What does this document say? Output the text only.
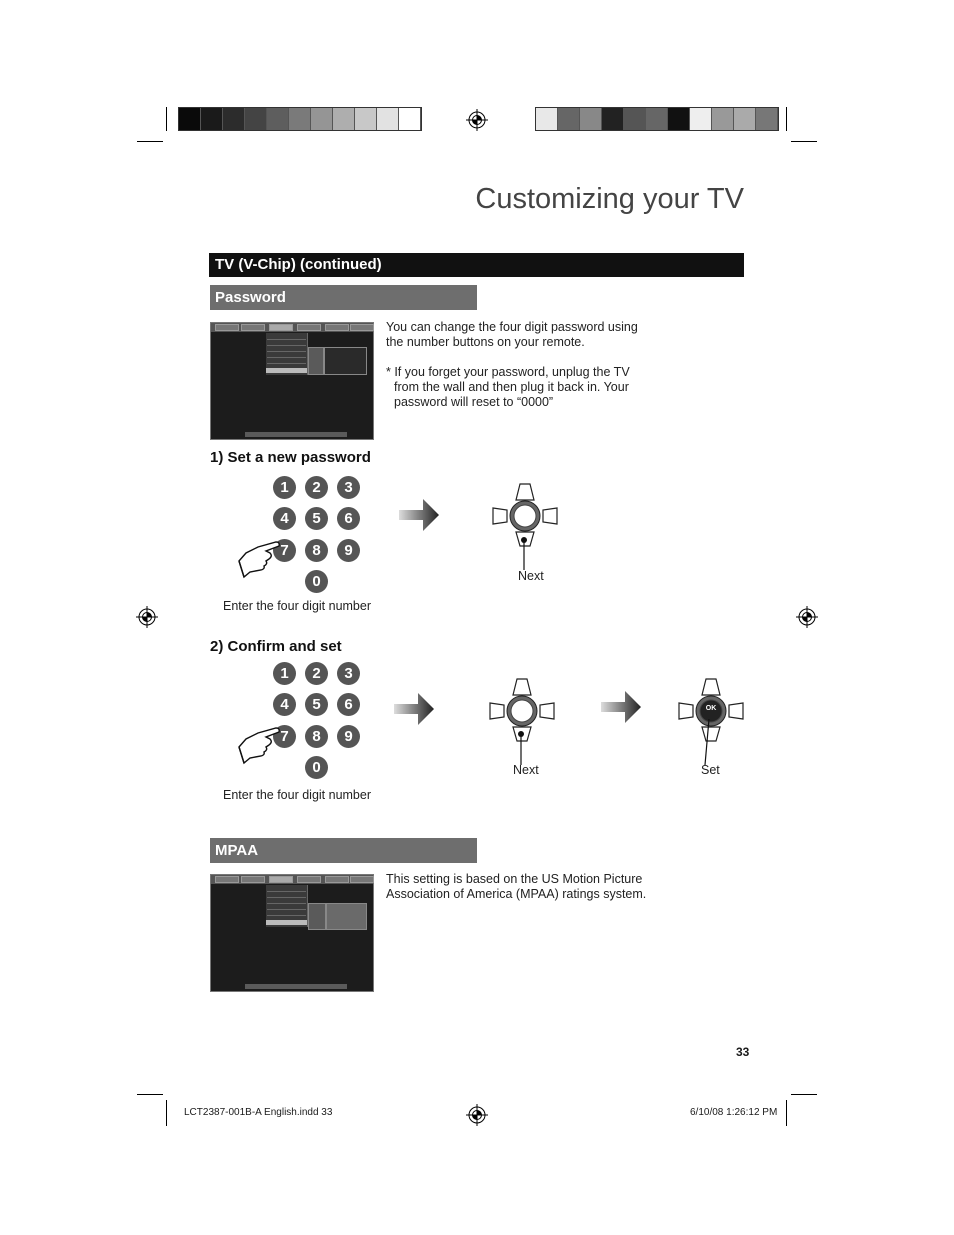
Customizing your TV
TV (V-Chip) (continued)
Password
You can change the four digit password using
the number buttons on your remote.
* If you forget your password, unplug the TV
from the wall and then plug it back in. Your
password will reset to “0000”
1) Set a new password
1	2	3
4	5	6
7	8	9
0
Enter the four digit number
Next
2) Confirm and set
1	2	3
4	5	6
7	8	9
0
Enter the four digit number
Next
OK
Set
MPAA
This setting is based on the US Motion Picture
Association of America (MPAA) ratings system.
33
LCT2387-001B-A English.indd 33	6/10/08 1:26:12 PM
